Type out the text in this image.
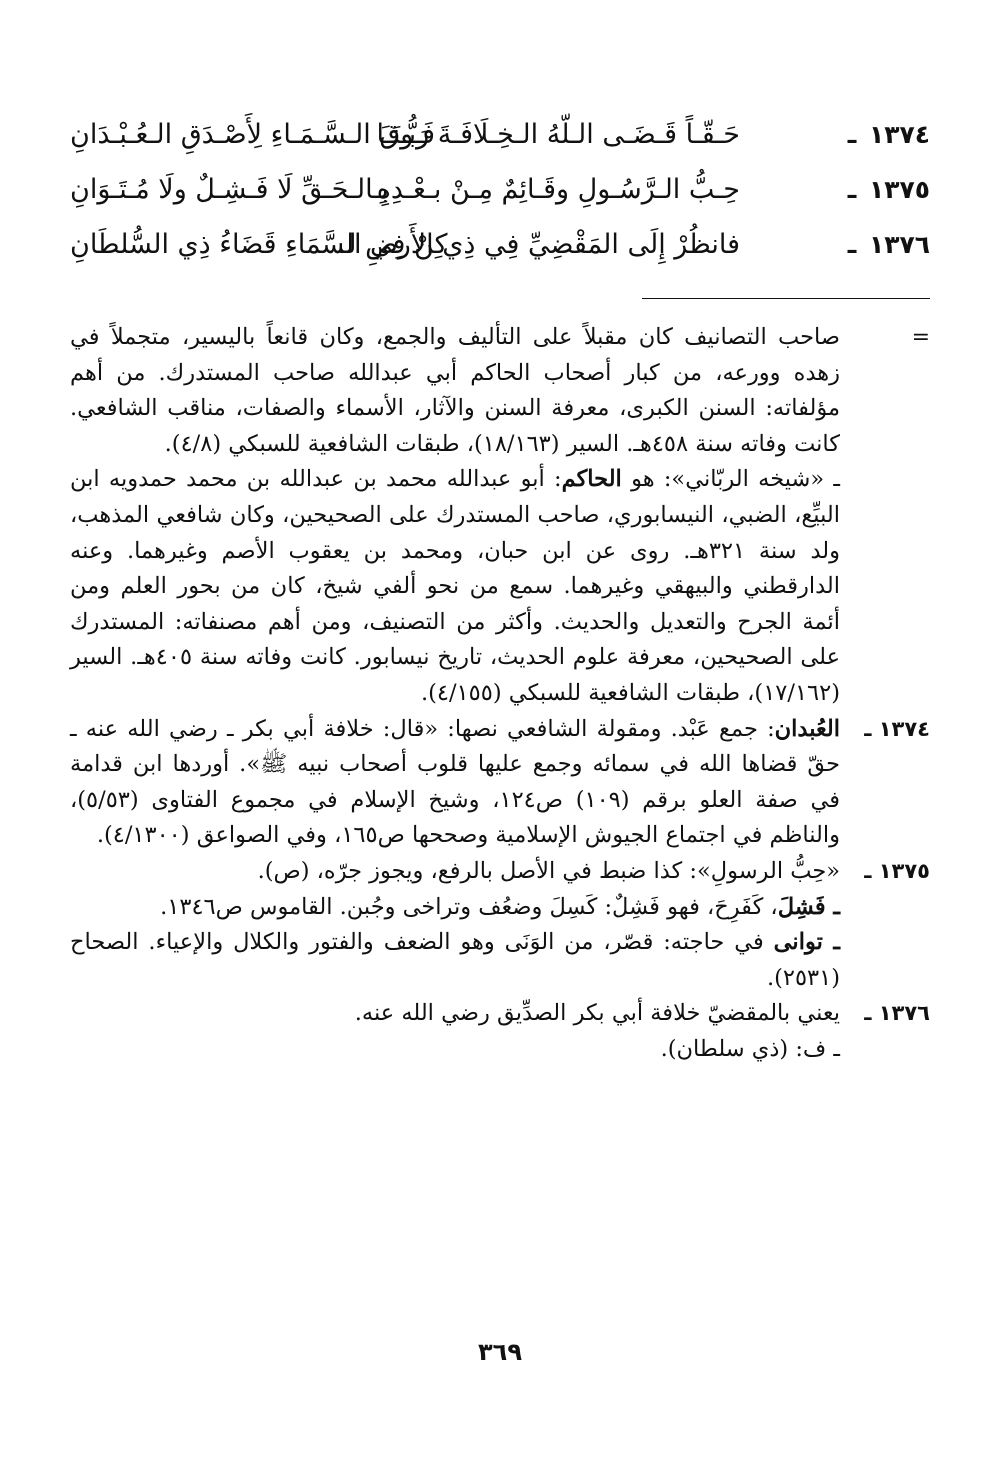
١٣٧٤ ـ
حَـقّـاً قَـضَـى الـلّهُ الـخِـلَافَـةَ رَبُّـنَـا
فَـوقَ الـسَّـمَـاءِ لِأَصْـدَقِ الـعُـبْـدَانِ
١٣٧٥ ـ
حِـبُّ الـرَّسُـولِ وقَـائِمٌ مِـنْ بـعْـدِهِ
بِـالـحَـقِّ لَا فَـشِـلٌ ولَا مُـتَـوَانِ
١٣٧٦ ـ
فانظُرْ إِلَى المَقْضِيِّ فِي ذِي الأَرضِ لـ
كِنْ فِي السَّمَاءِ قَضَاءُ ذِي السُّلطَانِ
=

صاحب التصانيف كان مقبلاً على التأليف والجمع، وكان قانعاً باليسير، متجملاً في زهده وورعه، من كبار أصحاب الحاكم أبي عبدالله صاحب المستدرك. من أهم مؤلفاته: السنن الكبرى، معرفة السنن والآثار، الأسماء والصفات، مناقب الشافعي. كانت وفاته سنة ٤٥٨هـ. السير (١٨/١٦٣)، طبقات الشافعية للسبكي (٤/٨).

ـ «شيخه الربّاني»: هو الحاكم: أبو عبدالله محمد بن عبدالله بن محمد حمدويه ابن البيِّع، الضبي، النيسابوري، صاحب المستدرك على الصحيحين، وكان شافعي المذهب، ولد سنة ٣٢١هـ. روى عن ابن حبان، ومحمد بن يعقوب الأصم وغيرهما. وعنه الدارقطني والبيهقي وغيرهما. سمع من نحو ألفي شيخ، كان من بحور العلم ومن أئمة الجرح والتعديل والحديث. وأكثر من التصنيف، ومن أهم مصنفاته: المستدرك على الصحيحين، معرفة علوم الحديث، تاريخ نيسابور. كانت وفاته سنة ٤٠٥هـ. السير (١٧/١٦٢)، طبقات الشافعية للسبكي (٤/١٥٥).

١٣٧٤ ـ

العُبدان: جمع عَبْد. ومقولة الشافعي نصها: «قال: خلافة أبي بكر ـ رضي الله عنه ـ حقّ قضاها الله في سمائه وجمع عليها قلوب أصحاب نبيه ﷺ». أوردها ابن قدامة في صفة العلو برقم (١٠٩) ص١٢٤، وشيخ الإسلام في مجموع الفتاوى (٥/٥٣)، والناظم في اجتماع الجيوش الإسلامية وصححها ص١٦٥، وفي الصواعق (٤/١٣٠٠).

١٣٧٥ ـ

«حِبُّ الرسولِ»: كذا ضبط في الأصل بالرفع، ويجوز جرّه، (ص).

ـ فَشِلَ، كَفَرِحَ، فهو فَشِلٌ: كَسِلَ وضعُف وتراخى وجُبن. القاموس ص١٣٤٦.

ـ توانى في حاجته: قصّر، من الوَنَى وهو الضعف والفتور والكلال والإعياء. الصحاح (٢٥٣١).

١٣٧٦ ـ

يعني بالمقضيّ خلافة أبي بكر الصدِّيق رضي الله عنه.

ـ ف: (ذي سلطان).

٣٦٩
